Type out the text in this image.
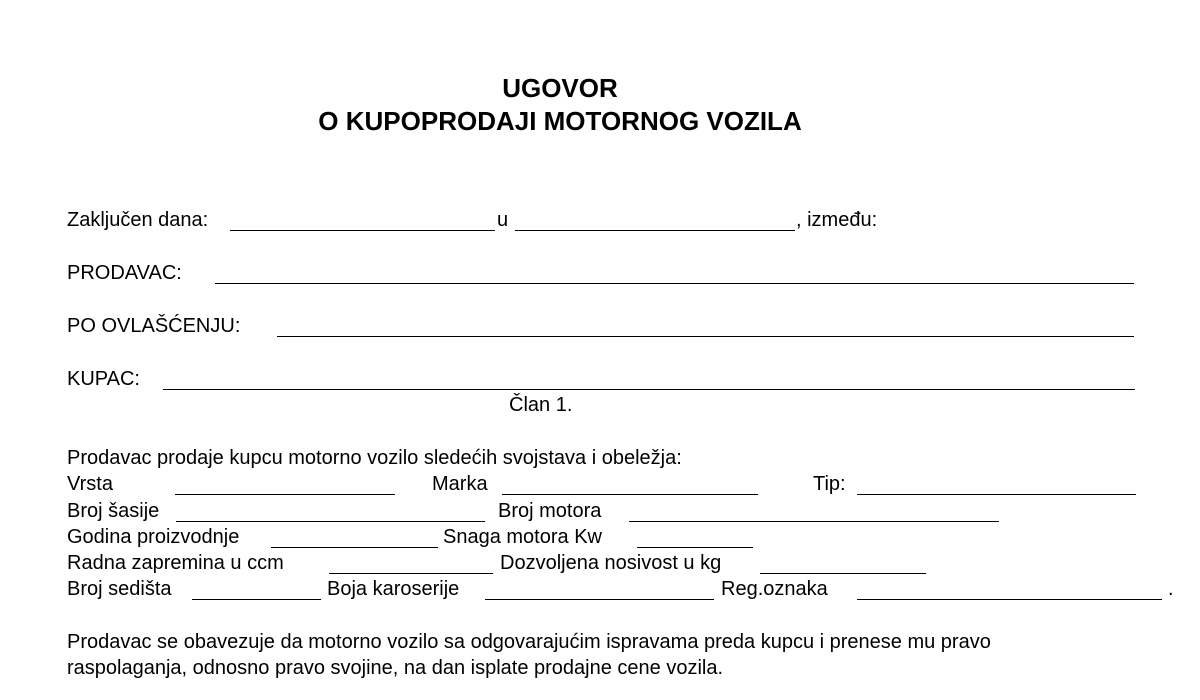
UGOVOR
O KUPOPRODAJI MOTORNOG VOZILA
Zaključen dana:	u	, između:
PRODAVAC:
PO OVLAŠĆENJU:
KUPAC:
Član 1.
Prodavac prodaje kupcu motorno vozilo sledećih svojstava i obeležja:
Vrsta	Marka	Tip:
Broj šasije	Broj motora
Godina proizvodnje	Snaga motora Kw
Radna zapremina u ccm	Dozvoljena nosivost u kg
Broj sedišta	Boja karoserije	Reg.oznaka	.
Prodavac se obavezuje da motorno vozilo sa odgovarajućim ispravama preda kupcu i prenese mu pravo
raspolaganja, odnosno pravo svojine, na dan isplate prodajne cene vozila.
